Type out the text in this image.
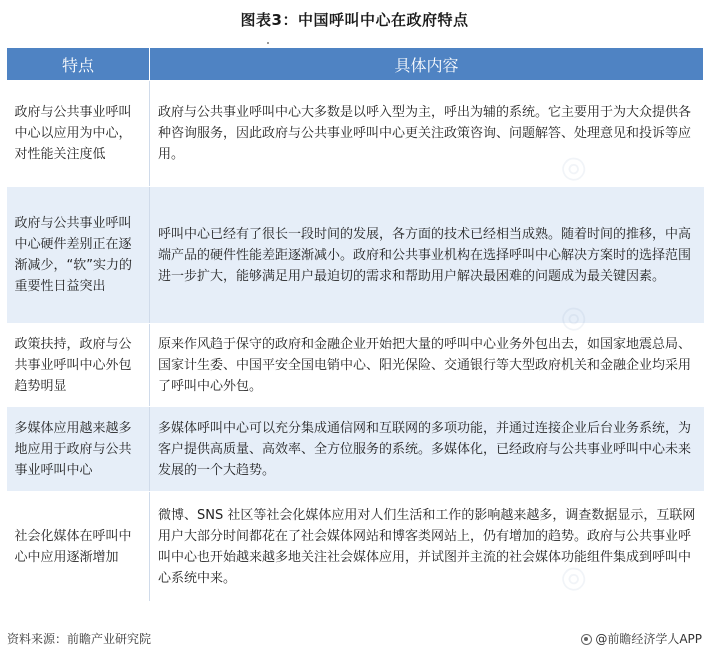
图表3：中国呼叫中心在政府特点
特点	具体内容
政府与公共事业呼叫中心以应用为中心，对性能关注度低	政府与公共事业呼叫中心大多数是以呼入型为主，呼出为辅的系统。它主要用于为大众提供各种咨询服务，因此政府与公共事业呼叫中心更关注政策咨询、问题解答、处理意见和投诉等应用。
政府与公共事业呼叫中心硬件差别正在逐渐减少，“软”实力的重要性日益突出	呼叫中心已经有了很长一段时间的发展，各方面的技术已经相当成熟。随着时间的推移，中高端产品的硬件性能差距逐渐减小。政府和公共事业机构在选择呼叫中心解决方案时的选择范围进一步扩大，能够满足用户最迫切的需求和帮助用户解决最困难的问题成为最关键因素。
政策扶持，政府与公共事业呼叫中心外包趋势明显	原来作风趋于保守的政府和金融企业开始把大量的呼叫中心业务外包出去，如国家地震总局、国家计生委、中国平安全国电销中心、阳光保险、交通银行等大型政府机关和金融企业均采用了呼叫中心外包。
多媒体应用越来越多地应用于政府与公共事业呼叫中心	多媒体呼叫中心可以充分集成通信网和互联网的多项功能，并通过连接企业后台业务系统，为客户提供高质量、高效率、全方位服务的系统。多媒体化，已经政府与公共事业呼叫中心未来发展的一个大趋势。
社会化媒体在呼叫中心中应用逐渐增加	微博、SNS 社区等社会化媒体应用对人们生活和工作的影响越来越多，调查数据显示，互联网用户大部分时间都花在了社会媒体网站和博客类网站上，仍有增加的趋势。政府与公共事业呼叫中心也开始越来越多地关注社会媒体应用，并试图并主流的社会媒体功能组件集成到呼叫中心系统中来。
资料来源：前瞻产业研究院	@前瞻经济学人APP
